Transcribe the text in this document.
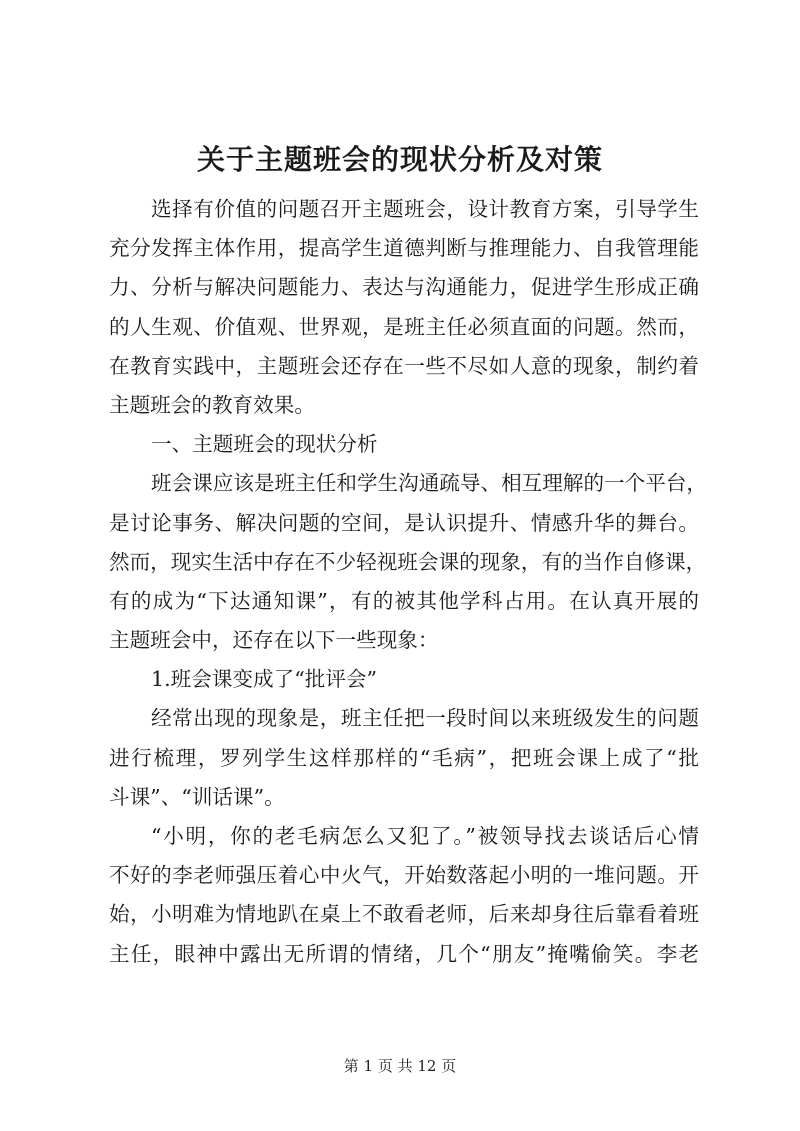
关于主题班会的现状分析及对策
选择有价值的问题召开主题班会，设计教育方案，引导学生
充分发挥主体作用，提高学生道德判断与推理能力、自我管理能
力、分析与解决问题能力、表达与沟通能力，促进学生形成正确
的人生观、价值观、世界观，是班主任必须直面的问题。然而，
在教育实践中，主题班会还存在一些不尽如人意的现象，制约着
主题班会的教育效果。
一、主题班会的现状分析
班会课应该是班主任和学生沟通疏导、相互理解的一个平台，
是讨论事务、解决问题的空间，是认识提升、情感升华的舞台。
然而，现实生活中存在不少轻视班会课的现象，有的当作自修课，
有的成为“下达通知课”，有的被其他学科占用。在认真开展的
主题班会中，还存在以下一些现象：
1.班会课变成了“批评会”
经常出现的现象是，班主任把一段时间以来班级发生的问题
进行梳理，罗列学生这样那样的“毛病”，把班会课上成了“批
斗课”、“训话课”。
“小明，你的老毛病怎么又犯了。”被领导找去谈话后心情
不好的李老师强压着心中火气，开始数落起小明的一堆问题。开
始，小明难为情地趴在桌上不敢看老师，后来却身往后靠看着班
主任，眼神中露出无所谓的情绪，几个“朋友”掩嘴偷笑。李老
第 1 页 共 12 页
